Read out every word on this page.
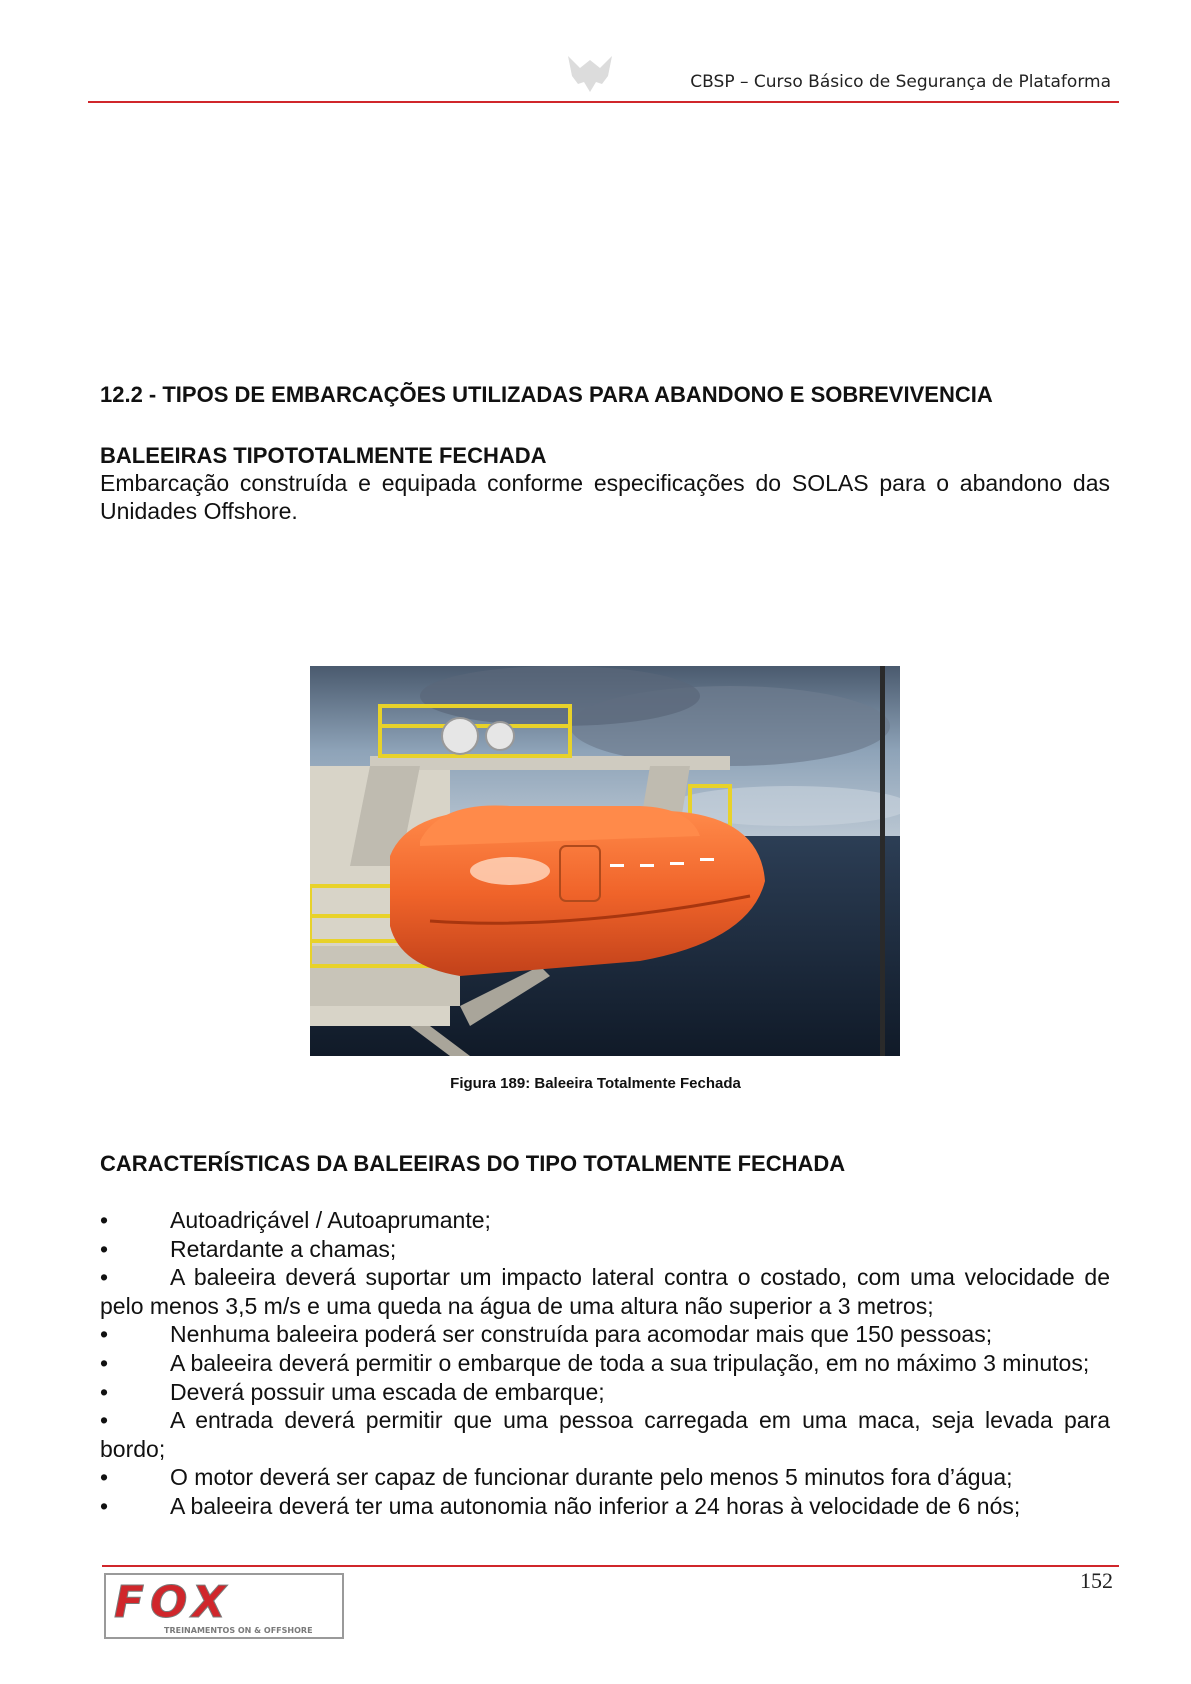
CBSP – Curso Básico de Segurança de Plataforma
12.2 - TIPOS DE EMBARCAÇÕES UTILIZADAS PARA ABANDONO E SOBREVIVENCIA
BALEEIRAS TIPOTOTALMENTE FECHADA
Embarcação construída e equipada conforme especificações do SOLAS para o abandono das Unidades Offshore.
Figura 189: Baleeira Totalmente Fechada
CARACTERÍSTICAS DA BALEEIRAS DO TIPO TOTALMENTE FECHADA

•	Autoadriçável / Autoaprumante;

•	Retardante a chamas;

•	A baleeira deverá suportar um impacto lateral contra o costado, com uma velocidade de pelo menos 3,5 m/s e uma queda na água de uma altura não superior a 3 metros;

•	Nenhuma baleeira poderá ser construída para acomodar mais que 150 pessoas;

•	A baleeira deverá permitir o embarque de toda a sua tripulação, em no máximo 3 minutos;

•	Deverá possuir uma escada de embarque;

•	A entrada deverá permitir que uma pessoa carregada em uma maca, seja levada para bordo;

•	O motor deverá ser capaz de funcionar durante pelo menos 5 minutos fora d’água;

•	A baleeira deverá ter uma autonomia não inferior a 24 horas à velocidade de 6 nós;

152
FOX
TREINAMENTOS ON & OFFSHORE
